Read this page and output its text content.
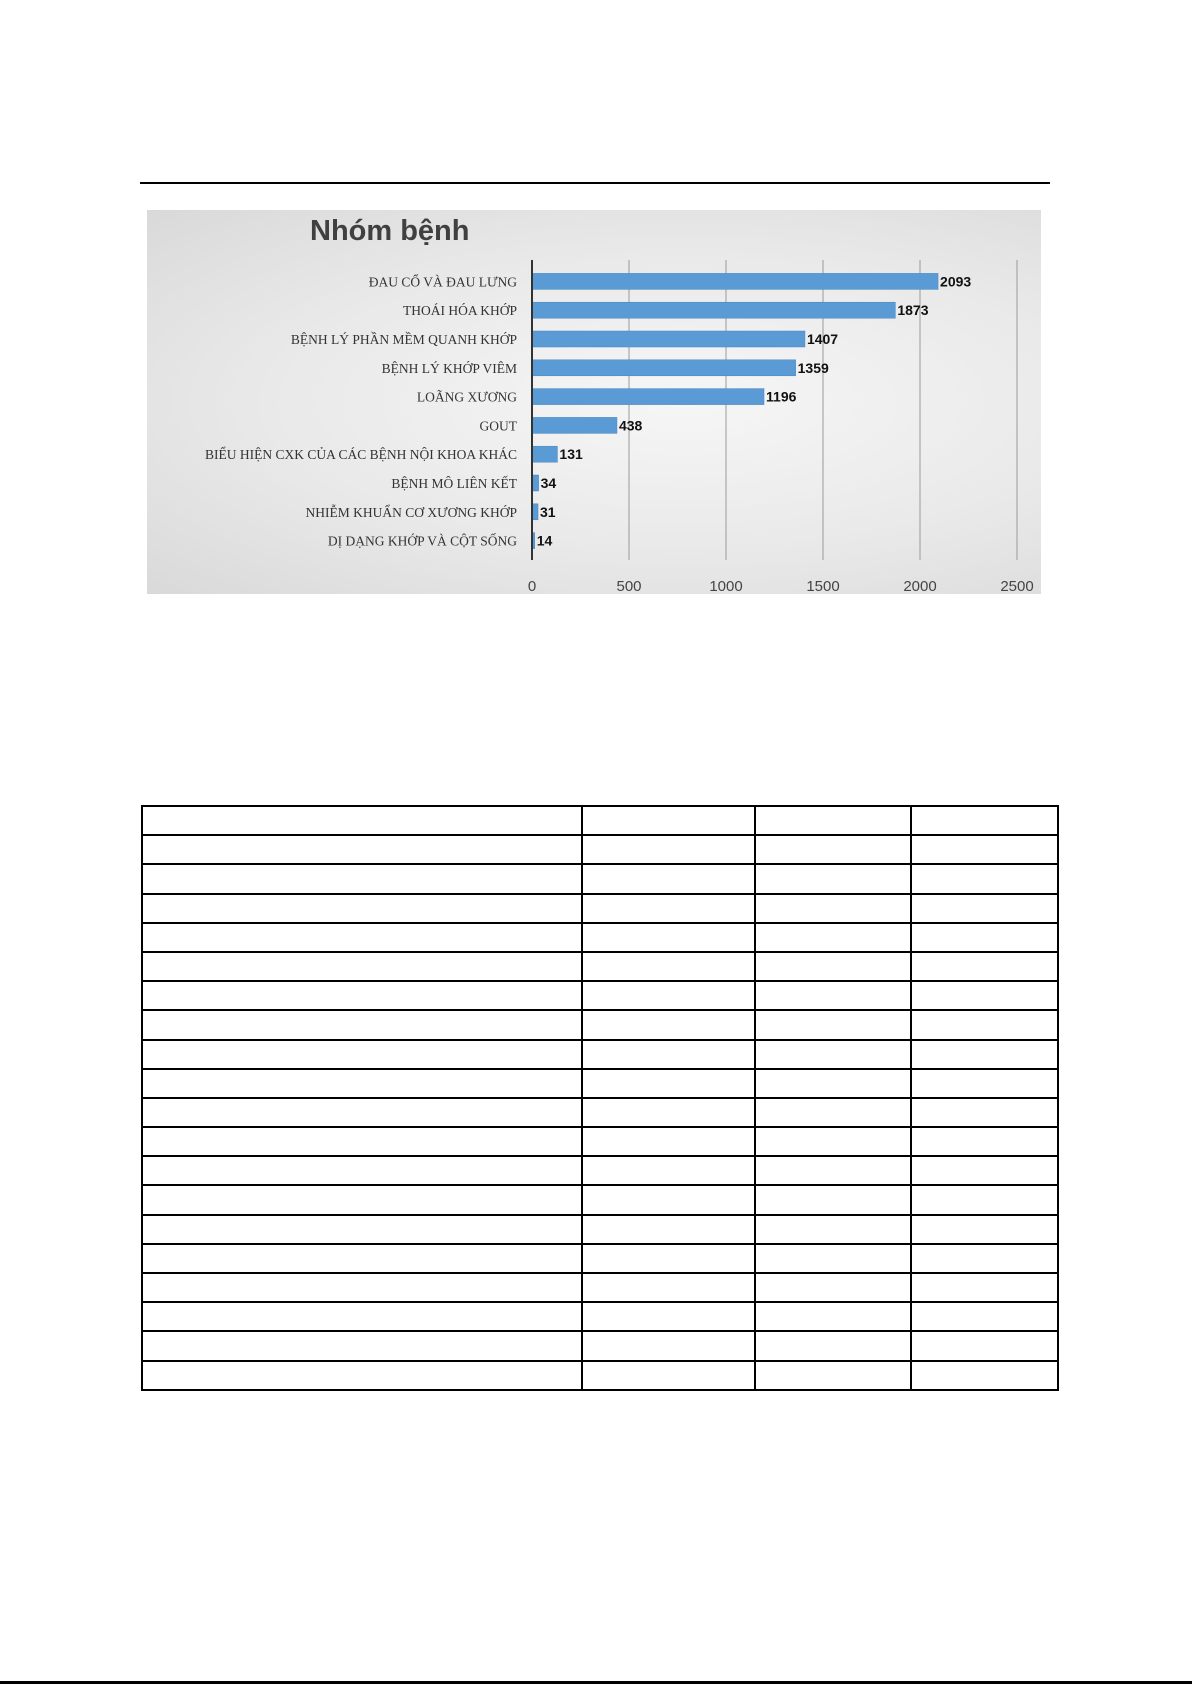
Nhóm bệnh
0	500	1000	1500	2000	2500
ĐAU CỔ VÀ ĐAU LƯNG	2093
THOÁI HÓA KHỚP	1873
BỆNH LÝ PHẦN MỀM QUANH KHỚP	1407
BỆNH LÝ KHỚP VIÊM	1359
LOÃNG XƯƠNG	1196
GOUT	438
BIỂU HIỆN CXK CỦA CÁC BỆNH NỘI KHOA KHÁC	131
BỆNH MÔ LIÊN KẾT 34
NHIỄM KHUẨN CƠ XƯƠNG KHỚP 31
DỊ DẠNG KHỚP VÀ CỘT SỐNG 14
